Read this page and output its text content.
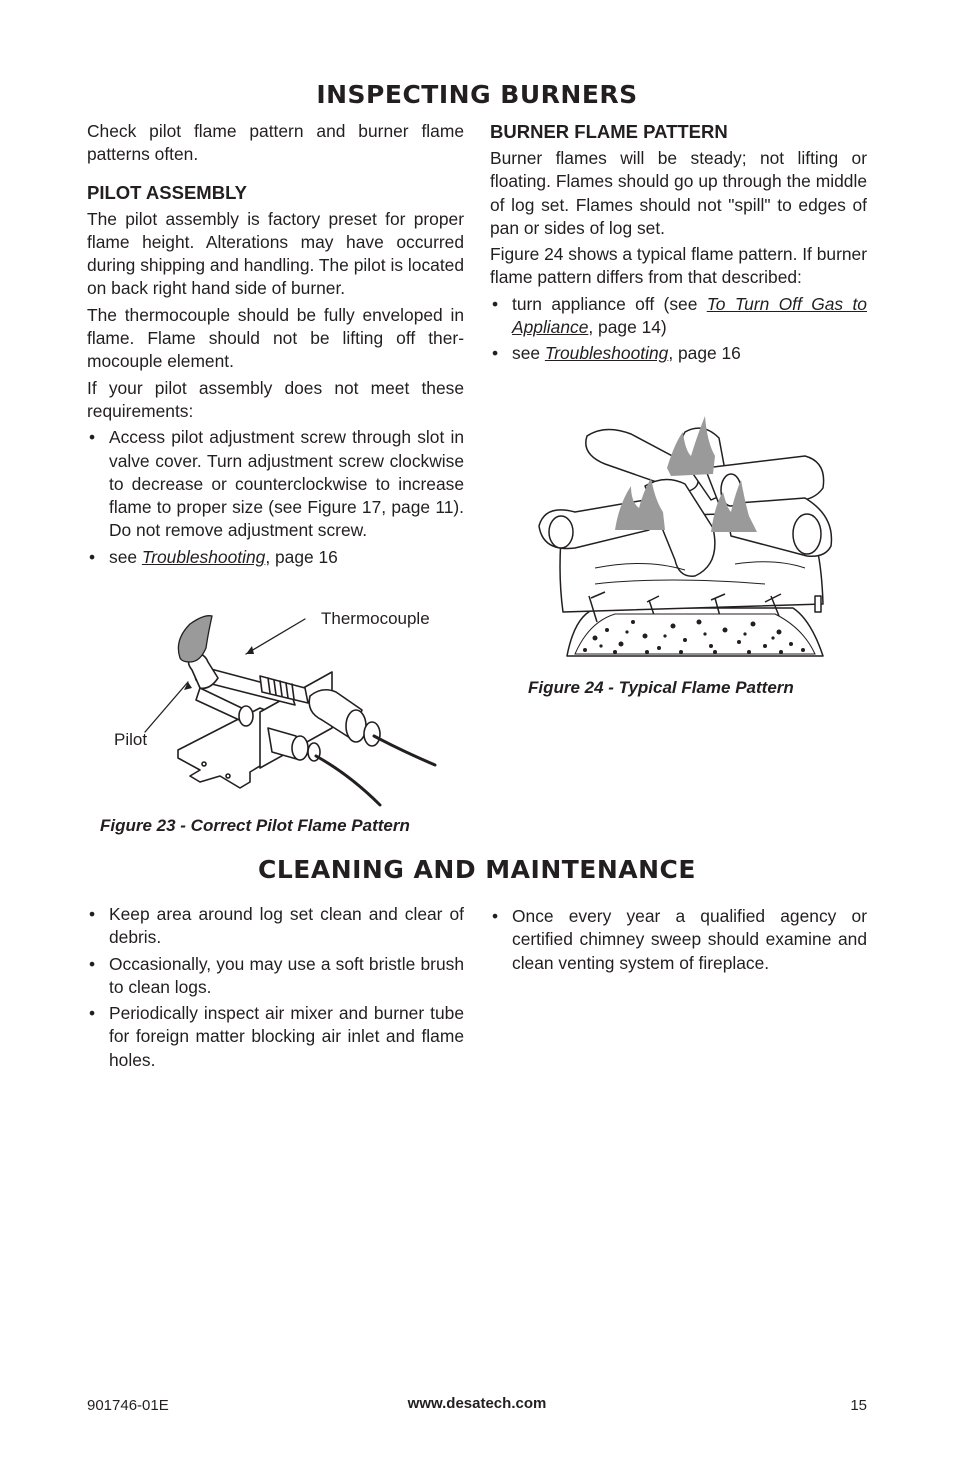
INSPECTING BURNERS

Check pilot flame pattern and burner flame patterns often.

PILOT ASSEMBLY

The pilot assembly is factory preset for proper flame height. Alterations may have occurred during shipping and handling. The pilot is located on back right hand side of burner.

The thermocouple should be fully enveloped in flame. Flame should not be lifting off thermocouple element.

If your pilot assembly does not meet these requirements:

• Access pilot adjustment screw through slot in valve cover. Turn adjustment screw clockwise to decrease or counterclockwise to increase flame to proper size (see Figure 17, page 11). Do not remove adjustment screw.
• see Troubleshooting, page 16
BURNER FLAME PATTERN

Burner flames will be steady; not lifting or floating. Flames should go up through the middle of log set. Flames should not "spill" to edges of pan or sides of log set.

Figure 24 shows a typical flame pattern. If burner flame pattern differs from that described:

• turn appliance off (see To Turn Off Gas to Appliance, page 14)
• see Troubleshooting, page 16
Thermocouple
Pilot
Figure 23 - Correct Pilot Flame Pattern
Figure 24 - Typical Flame Pattern
CLEANING AND MAINTENANCE
• Keep area around log set clean and clear of debris.
• Occasionally, you may use a soft bristle brush to clean logs.
• Periodically inspect air mixer and burner tube for foreign matter blocking air inlet and flame holes.
• Once every year a qualified agency or certified chimney sweep should examine and clean venting system of fireplace.
901746-01E	www.desatech.com	15
